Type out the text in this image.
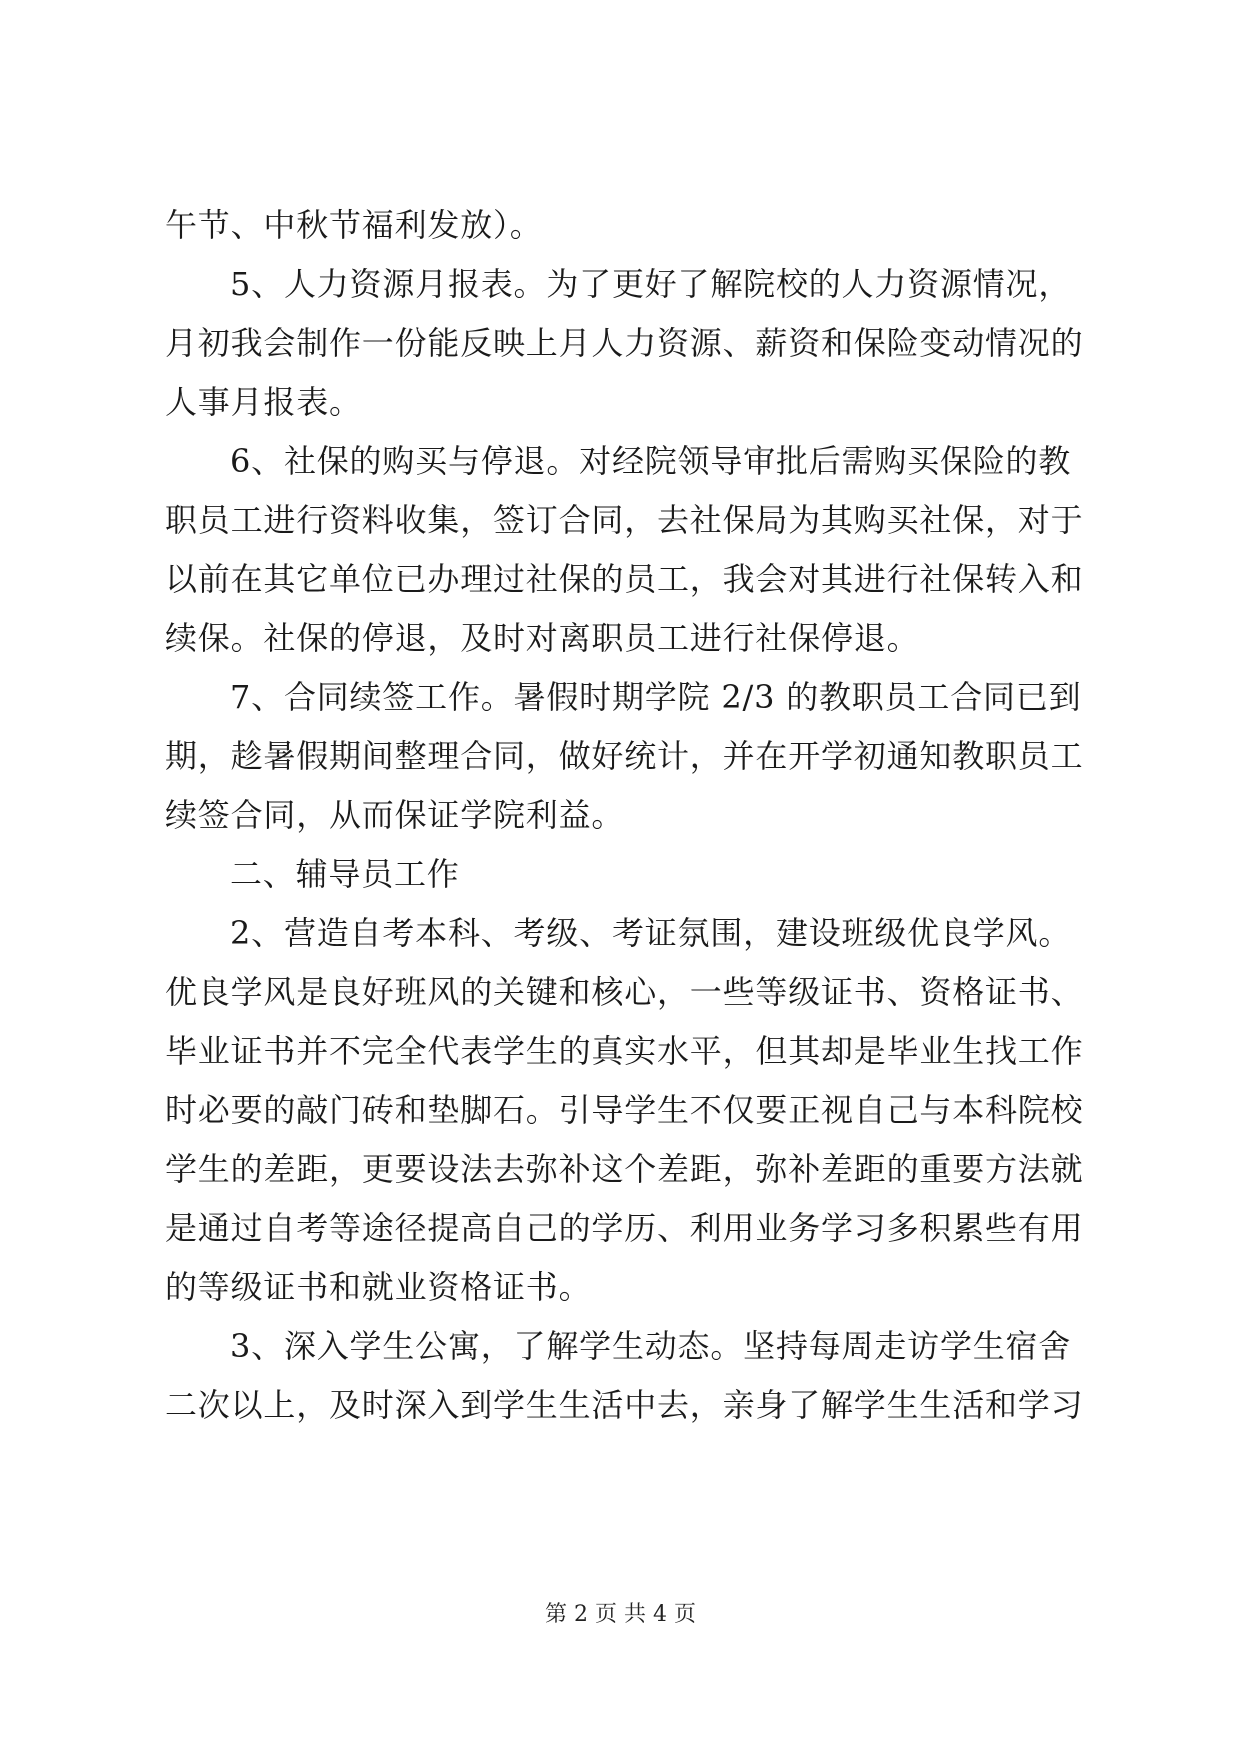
午节、中秋节福利发放）。
5、人力资源月报表。为了更好了解院校的人力资源情况，
月初我会制作一份能反映上月人力资源、薪资和保险变动情况的
人事月报表。
6、社保的购买与停退。对经院领导审批后需购买保险的教
职员工进行资料收集，签订合同，去社保局为其购买社保，对于
以前在其它单位已办理过社保的员工，我会对其进行社保转入和
续保。社保的停退，及时对离职员工进行社保停退。
7、合同续签工作。暑假时期学院 2/3 的教职员工合同已到
期，趁暑假期间整理合同，做好统计，并在开学初通知教职员工
续签合同，从而保证学院利益。
二、辅导员工作
2、营造自考本科、考级、考证氛围，建设班级优良学风。
优良学风是良好班风的关键和核心，一些等级证书、资格证书、
毕业证书并不完全代表学生的真实水平，但其却是毕业生找工作
时必要的敲门砖和垫脚石。引导学生不仅要正视自己与本科院校
学生的差距，更要设法去弥补这个差距，弥补差距的重要方法就
是通过自考等途径提高自己的学历、利用业务学习多积累些有用
的等级证书和就业资格证书。
3、深入学生公寓，了解学生动态。坚持每周走访学生宿舍
二次以上，及时深入到学生生活中去，亲身了解学生生活和学习
第 2 页 共 4 页
